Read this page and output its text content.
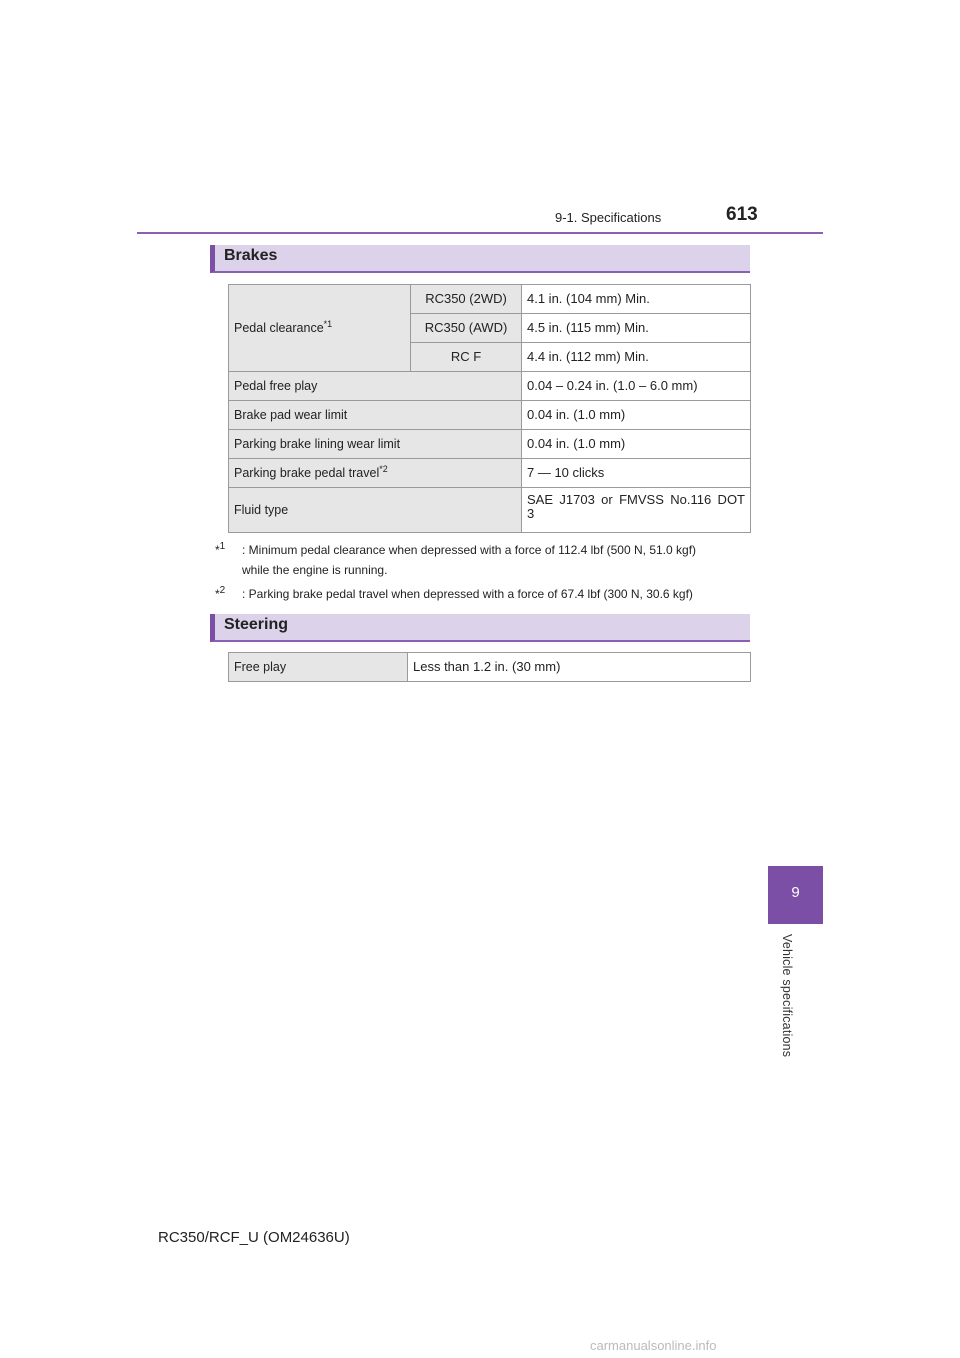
9-1. Specifications	613
Brakes
Pedal clearance$^{*1}$	RC350 (2WD)	4.1 in. (104 mm) Min.
	RC350 (AWD)	4.5 in. (115 mm) Min.
	RC F	4.4 in. (112 mm) Min.
Pedal free play		0.04 – 0.24 in. (1.0 – 6.0 mm)
Brake pad wear limit		0.04 in. (1.0 mm)
Parking brake lining wear limit		0.04 in. (1.0 mm)
Parking brake pedal travel$^{*2}$		7 — 10 clicks
Fluid type		SAE J1703 or FMVSS No.116 DOT
3
*$^1$ : Minimum pedal clearance when depressed with a force of 112.4 lbf (500 N, 51.0 kgf)
while the engine is running.
*$^2$ : Parking brake pedal travel when depressed with a force of 67.4 lbf (300 N, 30.6 kgf)
Steering
Free play	Less than 1.2 in. (30 mm)
9
Vehicle specifications
RC350/RCF_U (OM24636U)
carmanualsonline.info
